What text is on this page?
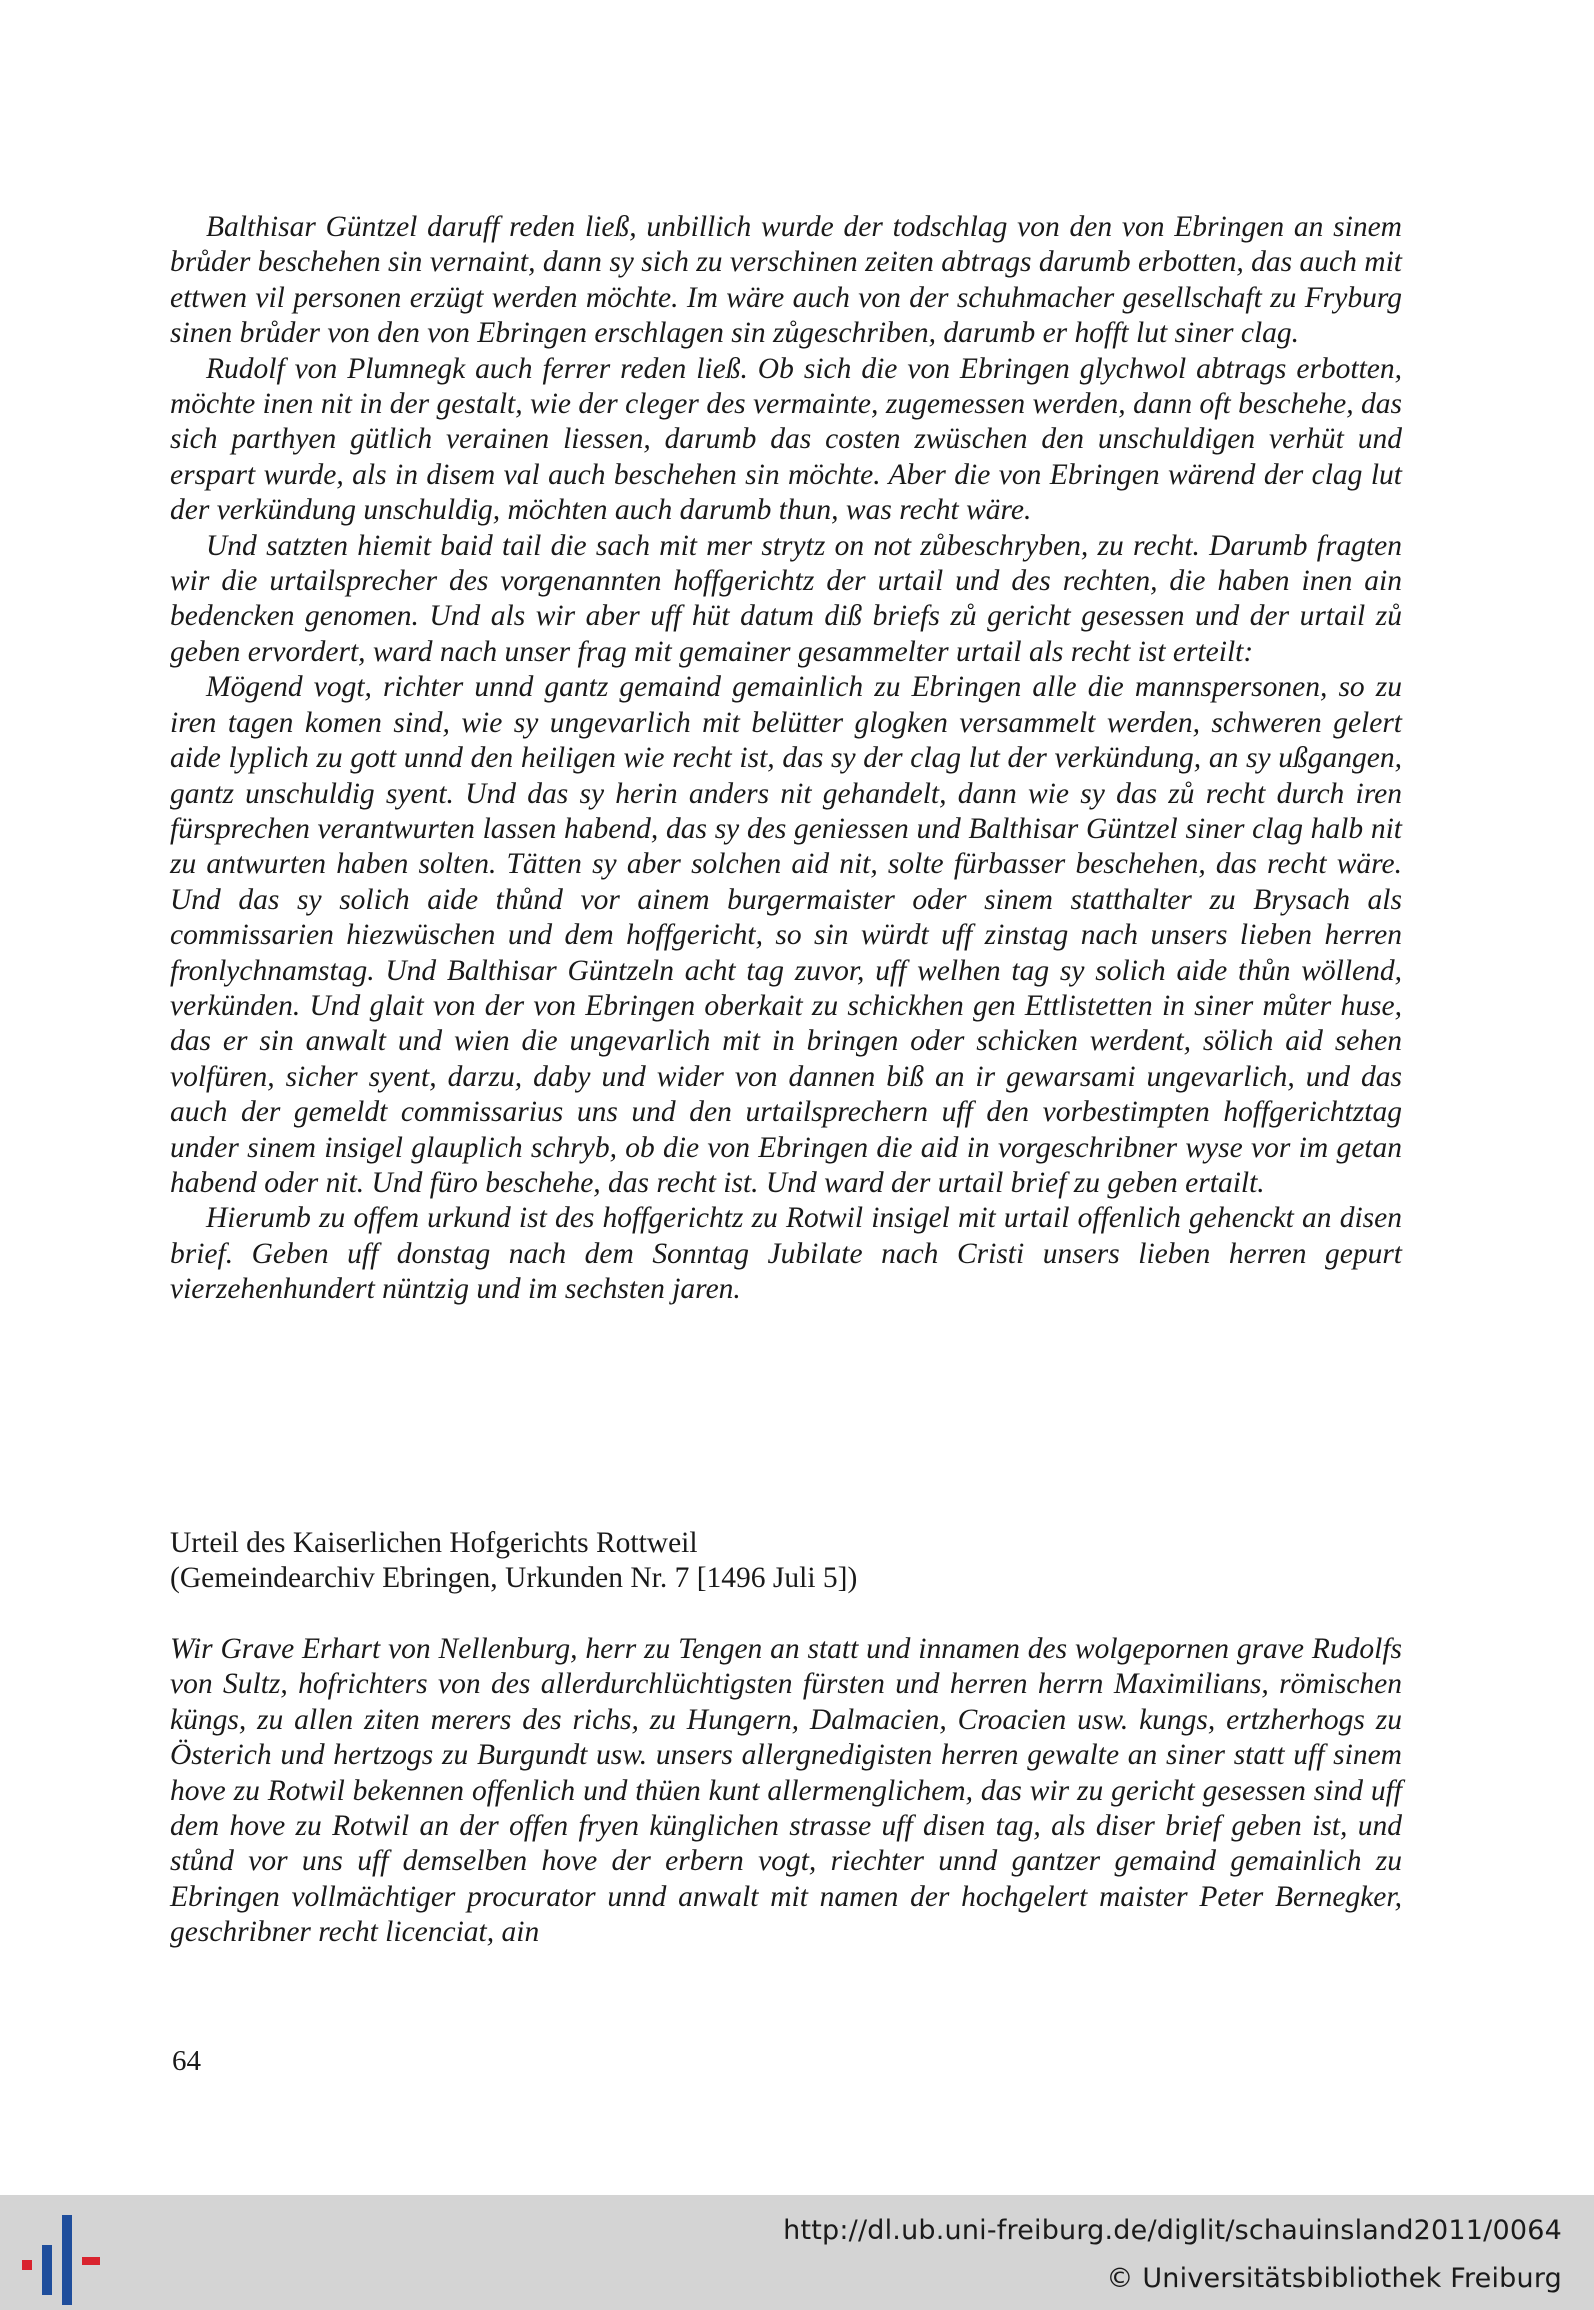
Balthisar Güntzel daruff reden ließ, unbillich wurde der todschlag von den von Ebringen an sinem brůder beschehen sin vernaint, dann sy sich zu verschinen zeiten abtrags darumb erbotten, das auch mit ettwen vil personen erzügt werden möchte. Im wäre auch von der schuhmacher gesellschaft zu Fryburg sinen brůder von den von Ebringen erschlagen sin zůgeschriben, darumb er hofft lut siner clag.

Rudolf von Plumnegk auch ferrer reden ließ. Ob sich die von Ebringen glychwol abtrags erbotten, möchte inen nit in der gestalt, wie der cleger des vermainte, zugemessen werden, dann oft beschehe, das sich parthyen gütlich verainen liessen, darumb das costen zwüschen den unschuldigen verhüt und erspart wurde, als in disem val auch beschehen sin möchte. Aber die von Ebringen wärend der clag lut der verkündung unschuldig, möchten auch darumb thun, was recht wäre.

Und satzten hiemit baid tail die sach mit mer strytz on not zůbeschryben, zu recht. Darumb fragten wir die urtailsprecher des vorgenannten hoffgerichtz der urtail und des rechten, die haben inen ain bedencken genomen. Und als wir aber uff hüt datum diß briefs zů gericht gesessen und der urtail zů geben ervordert, ward nach unser frag mit gemainer gesammelter urtail als recht ist erteilt:

Mögend vogt, richter unnd gantz gemaind gemainlich zu Ebringen alle die mannspersonen, so zu iren tagen komen sind, wie sy ungevarlich mit belütter glogken versammelt werden, schweren gelert aide lyplich zu gott unnd den heiligen wie recht ist, das sy der clag lut der verkündung, an sy ußgangen, gantz unschuldig syent. Und das sy herin anders nit gehandelt, dann wie sy das zů recht durch iren fürsprechen verantwurten lassen habend, das sy des geniessen und Balthisar Güntzel siner clag halb nit zu antwurten haben solten. Tätten sy aber solchen aid nit, solte fürbasser beschehen, das recht wäre. Und das sy solich aide thůnd vor ainem burgermaister oder sinem statthalter zu Brysach als commissarien hiezwüschen und dem hoffgericht, so sin würdt uff zinstag nach unsers lieben herren fronlychnamstag. Und Balthisar Güntzeln acht tag zuvor, uff welhen tag sy solich aide thůn wöllend, verkünden. Und glait von der von Ebringen oberkait zu schickhen gen Ettlistetten in siner můter huse, das er sin anwalt und wien die ungevarlich mit in bringen oder schicken werdent, sölich aid sehen volfüren, sicher syent, darzu, daby und wider von dannen biß an ir gewarsami ungevarlich, und das auch der gemeldt commissarius uns und den urtailsprechern uff den vorbestimpten hoffgerichtztag under sinem insigel glauplich schryb, ob die von Ebringen die aid in vorgeschribner wyse vor im getan habend oder nit. Und füro beschehe, das recht ist. Und ward der urtail brief zu geben ertailt.

Hierumb zu offem urkund ist des hoffgerichtz zu Rotwil insigel mit urtail offenlich gehenckt an disen brief. Geben uff donstag nach dem Sonntag Jubilate nach Cristi unsers lieben herren gepurt vierzehenhundert nüntzig und im sechsten jaren.

Urteil des Kaiserlichen Hofgerichts Rottweil
(Gemeindearchiv Ebringen, Urkunden Nr. 7 [1496 Juli 5])

Wir Grave Erhart von Nellenburg, herr zu Tengen an statt und innamen des wolgepornen grave Rudolfs von Sultz, hofrichters von des allerdurchlüchtigsten fürsten und herren herrn Maximilians, römischen küngs, zu allen ziten merers des richs, zu Hungern, Dalmacien, Croacien usw. kungs, ertzherhogs zu Österich und hertzogs zu Burgundt usw. unsers allergnedigisten herren gewalte an siner statt uff sinem hove zu Rotwil bekennen offenlich und thüen kunt allermenglichem, das wir zu gericht gesessen sind uff dem hove zu Rotwil an der offen fryen künglichen strasse uff disen tag, als diser brief geben ist, und stůnd vor uns uff demselben hove der erbern vogt, riechter unnd gantzer gemaind gemainlich zu Ebringen vollmächtiger procurator unnd anwalt mit namen der hochgelert maister Peter Bernegker, geschribner recht licenciat, ain

64
http://dl.ub.uni-freiburg.de/diglit/schauinsland2011/0064
© Universitätsbibliothek Freiburg
